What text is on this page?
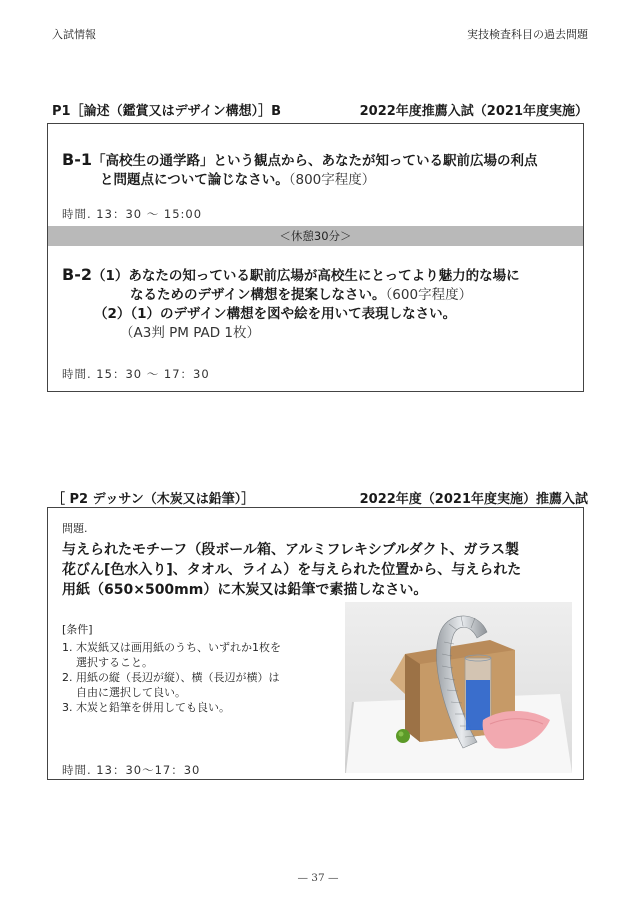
入試情報	実技検査科目の過去問題
P1［論述（鑑賞又はデザイン構想）］B	2022年度推薦入試（2021年度実施）
B-1「高校生の通学路」という観点から、あなたが知っている駅前広場の利点
と問題点について論じなさい。（800字程度）
時間. 13：30 〜 15:00
＜休憩30分＞
B-2（1）あなたの知っている駅前広場が高校生にとってより魅力的な場に
なるためのデザイン構想を提案しなさい。（600字程度）
（2）（1）のデザイン構想を図や絵を用いて表現しなさい。
（A3判 PM PAD 1枚）
時間. 15：30 〜 17：30
［ P2 デッサン（木炭又は鉛筆）］	2022年度（2021年度実施）推薦入試
問題.
与えられたモチーフ（段ボール箱、アルミフレキシブルダクト、ガラス製
花びん[色水入り]、タオル、ライム）を与えられた位置から、与えられた
用紙（650×500mm）に木炭又は鉛筆で素描しなさい。
[条件]
1. 木炭紙又は画用紙のうち、いずれか1枚を
選択すること。
2. 用紙の縦（長辺が縦）、横（長辺が横）は
自由に選択して良い。
3. 木炭と鉛筆を併用しても良い。
時間. 13：30〜17：30
— 37 —
